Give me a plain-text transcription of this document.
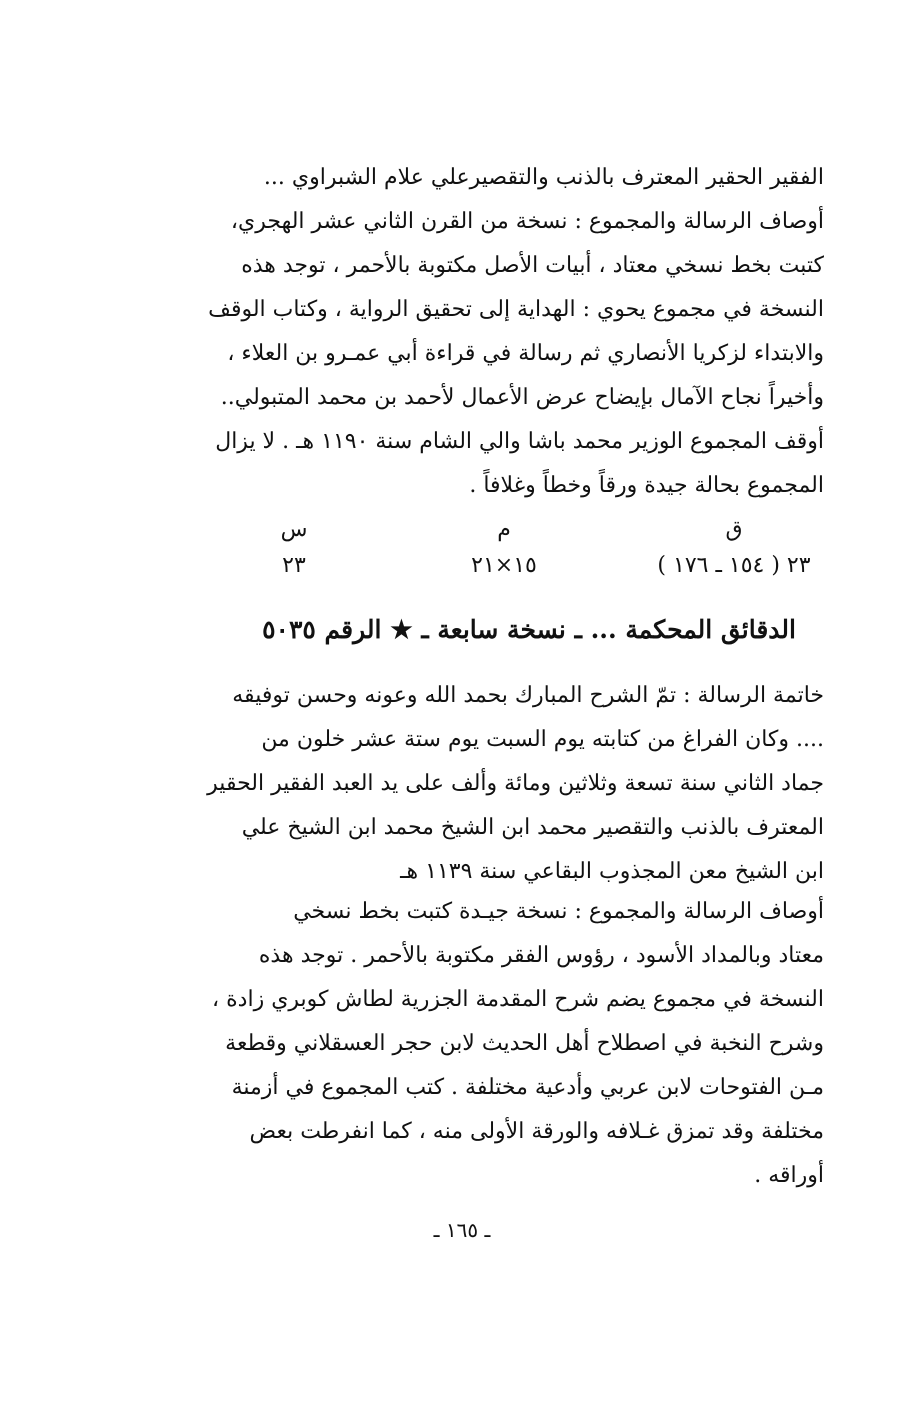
الفقير الحقير المعترف بالذنب والتقصيرعلي علام الشبراوي ...
أوصاف الرسالة والمجموع : نسخة من القرن الثاني عشر الهجري،
كتبت بخط نسخي معتاد ، أبيات الأصل مكتوبة بالأحمر ، توجد هذه
النسخة في مجموع يحوي : الهداية إلى تحقيق الرواية ، وكتاب الوقف
والابتداء لزكريا الأنصاري ثم رسالة في قراءة أبي عمـرو بن العلاء ،
وأخيراً نجاح الآمال بإيضاح عرض الأعمال لأحمد بن محمد المتبولي..
أوقف المجموع الوزير محمد باشا والي الشام سنة ١١٩٠ هـ . لا يزال
المجموع بحالة جيدة ورقاً وخطاً وغلافاً .
ق
٢٣ ( ١٥٤ ـ ١٧٦ )
م
١٥×٢١
س
٢٣
الدقائق المحكمة ... ـ نسخة سابعة ـ ★ الرقم ٥٠٣٥
خاتمة الرسالة : تمّ الشرح المبارك بحمد الله وعونه وحسن توفيقه
.... وكان الفراغ من كتابته يوم السبت يوم ستة عشر خلون من
جماد الثاني سنة تسعة وثلاثين ومائة وألف على يد العبد الفقير الحقير
المعترف بالذنب والتقصير محمد ابن الشيخ محمد ابن الشيخ علي
ابن الشيخ معن المجذوب البقاعي سنة ١١٣٩ هـ
أوصاف الرسالة والمجموع : نسخة جيـدة كتبت بخط نسخي
معتاد وبالمداد الأسود ، رؤوس الفقر مكتوبة بالأحمر . توجد هذه
النسخة في مجموع يضم شرح المقدمة الجزرية لطاش كوبري زادة ،
وشرح النخبة في اصطلاح أهل الحديث لابن حجر العسقلاني وقطعة
مـن الفتوحات لابن عربي وأدعية مختلفة . كتب المجموع في أزمنة
مختلفة وقد تمزق غـلافه والورقة الأولى منه ، كما انفرطت بعض
أوراقه .
ـ ١٦٥ ـ
